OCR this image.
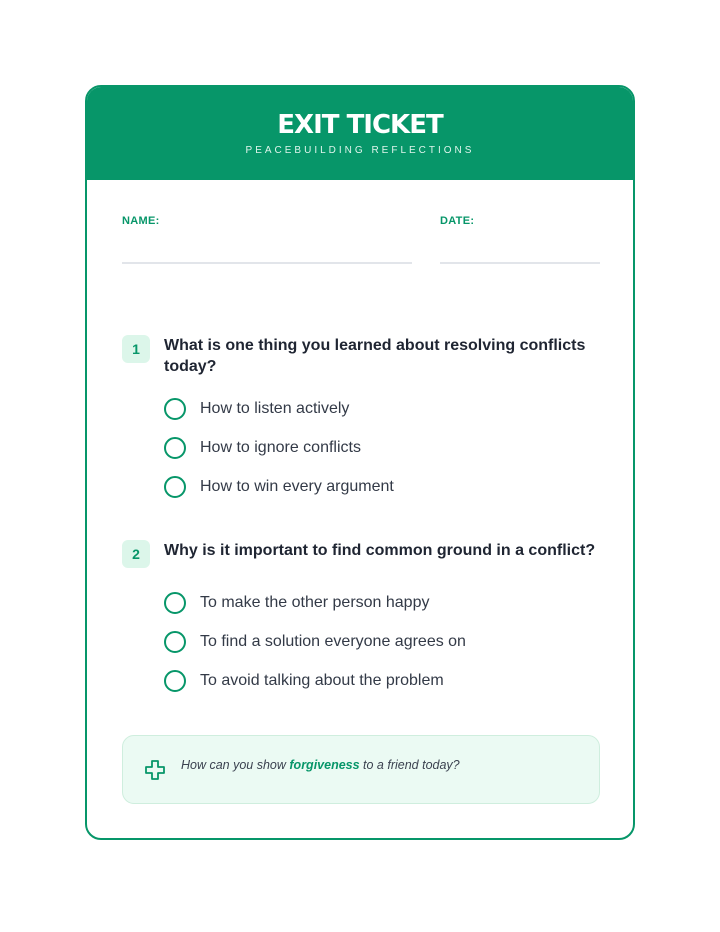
EXIT TICKET
PEACEBUILDING REFLECTIONS
NAME:	DATE:
1	What is one thing you learned about resolving conflicts today?
How to listen actively
How to ignore conflicts
How to win every argument
2	Why is it important to find common ground in a conflict?
To make the other person happy
To find a solution everyone agrees on
To avoid talking about the problem
How can you show forgiveness to a friend today?
